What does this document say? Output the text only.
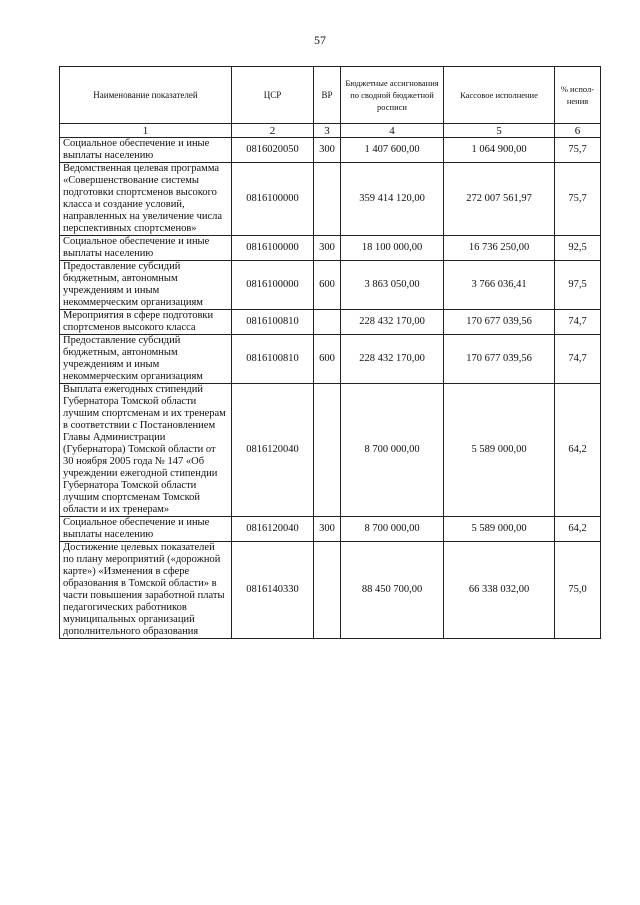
57
Наименование показателей	ЦСР	ВР	Бюджетные ассигнования по сводной бюджетной росписи	Кассовое исполнение	% испол-нения
1	2	3	4	5	6
Социальное обеспечение и иные выплаты населению	0816020050	300	1 407 600,00	1 064 900,00	75,7
Ведомственная целевая программа «Совершенствование системы подготовки спортсменов высокого класса и создание условий, направленных на увеличение числа перспективных спортсменов»	0816100000		359 414 120,00	272 007 561,97	75,7
Социальное обеспечение и иные выплаты населению	0816100000	300	18 100 000,00	16 736 250,00	92,5
Предоставление субсидий бюджетным, автономным учреждениям и иным некоммерческим организациям	0816100000	600	3 863 050,00	3 766 036,41	97,5
Мероприятия в сфере подготовки спортсменов высокого класса	0816100810		228 432 170,00	170 677 039,56	74,7
Предоставление субсидий бюджетным, автономным учреждениям и иным некоммерческим организациям	0816100810	600	228 432 170,00	170 677 039,56	74,7
Выплата ежегодных стипендий Губернатора Томской области лучшим спортсменам и их тренерам в соответствии с Постановлением Главы Администрации (Губернатора) Томской области от 30 ноября 2005 года № 147 «Об учреждении ежегодной стипендии Губернатора Томской области лучшим спортсменам Томской области и их тренерам»	0816120040		8 700 000,00	5 589 000,00	64,2
Социальное обеспечение и иные выплаты населению	0816120040	300	8 700 000,00	5 589 000,00	64,2
Достижение целевых показателей по плану мероприятий («дорожной карте») «Изменения в сфере образования в Томской области» в части повышения заработной платы педагогических работников муниципальных организаций дополнительного образования	0816140330		88 450 700,00	66 338 032,00	75,0
